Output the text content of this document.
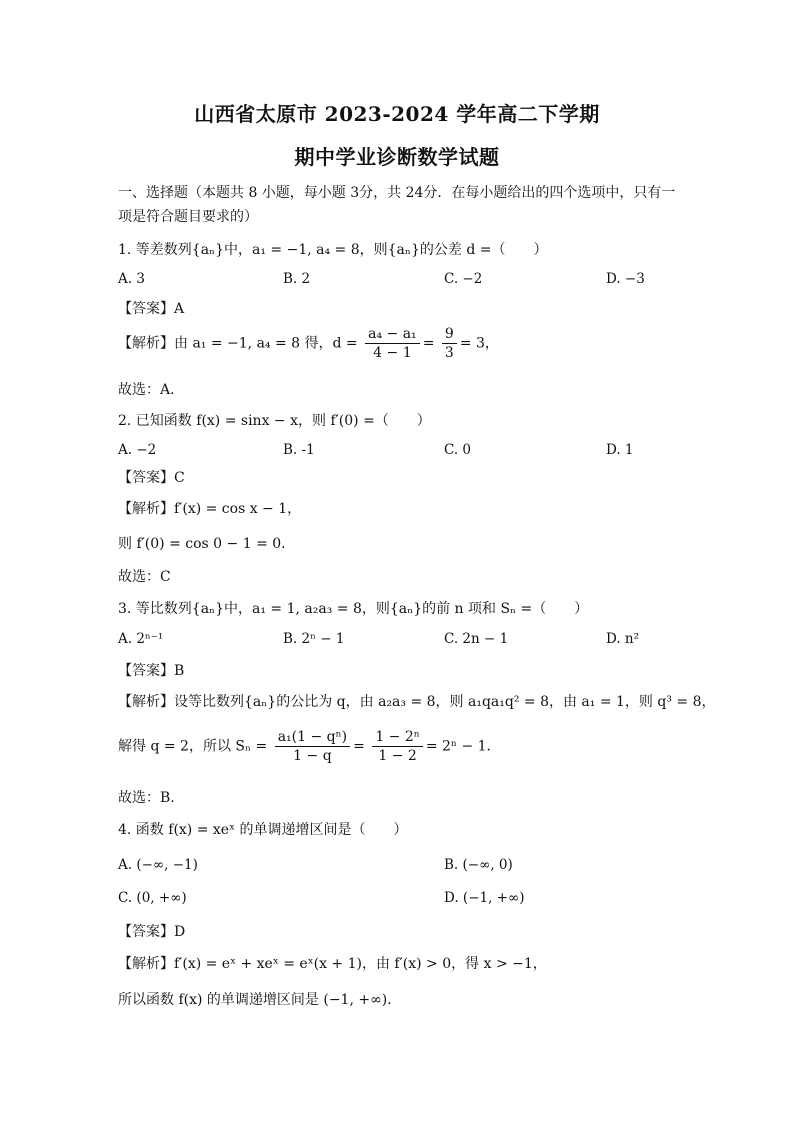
山西省太原市 2023-2024 学年高二下学期
期中学业诊断数学试题
一、选择题（本题共 8 小题，每小题 3分，共 24分．在每小题给出的四个选项中，只有一
项是符合题目要求的）
1. 等差数列{aₙ}中，a₁ = −1, a₄ = 8，则{aₙ}的公差 d =（　　）
A. 3	B. 2	C. −2	D. −3
【答案】A
【解析】由 a₁ = −1, a₄ = 8 得，$d = \frac{\text{a₄ − a₁}}{4 - 1} = \frac{9}{3} = 3$，
故选：A．
2. 已知函数 f(x) = sinx − x，则 f′(0) =（　　）
A. −2	B. -1	C. 0	D. 1
【答案】C
【解析】f′(x) = cos x − 1，
则 f′(0) = cos 0 − 1 = 0．
故选：C
3. 等比数列{aₙ}中，a₁ = 1, a₂a₃ = 8，则{aₙ}的前 n 项和 Sₙ =（　　）
A. 2ⁿ⁻¹	B. 2ⁿ − 1	C. 2n − 1	D. n²
【答案】B
【解析】设等比数列{aₙ}的公比为 q，由 a₂a₃ = 8，则 a₁qa₁q² = 8，由 a₁ = 1，则 q³ = 8，
解得 q = 2，所以 $S_n = \frac{\text{a₁(1 − qⁿ)}}{1 - q} = \frac{\text{1 − 2ⁿ}}{1 - 2} = 2^n - 1$．
故选：B.
4. 函数 f(x) = xeˣ 的单调递增区间是（　　）
A. (−∞, −1)	B. (−∞, 0)
C. (0, +∞)	D. (−1, +∞)
【答案】D
【解析】f′(x) = eˣ + xeˣ = eˣ(x + 1)，由 f′(x) > 0，得 x > −1，
所以函数 f(x) 的单调递增区间是 (−1, +∞)．
